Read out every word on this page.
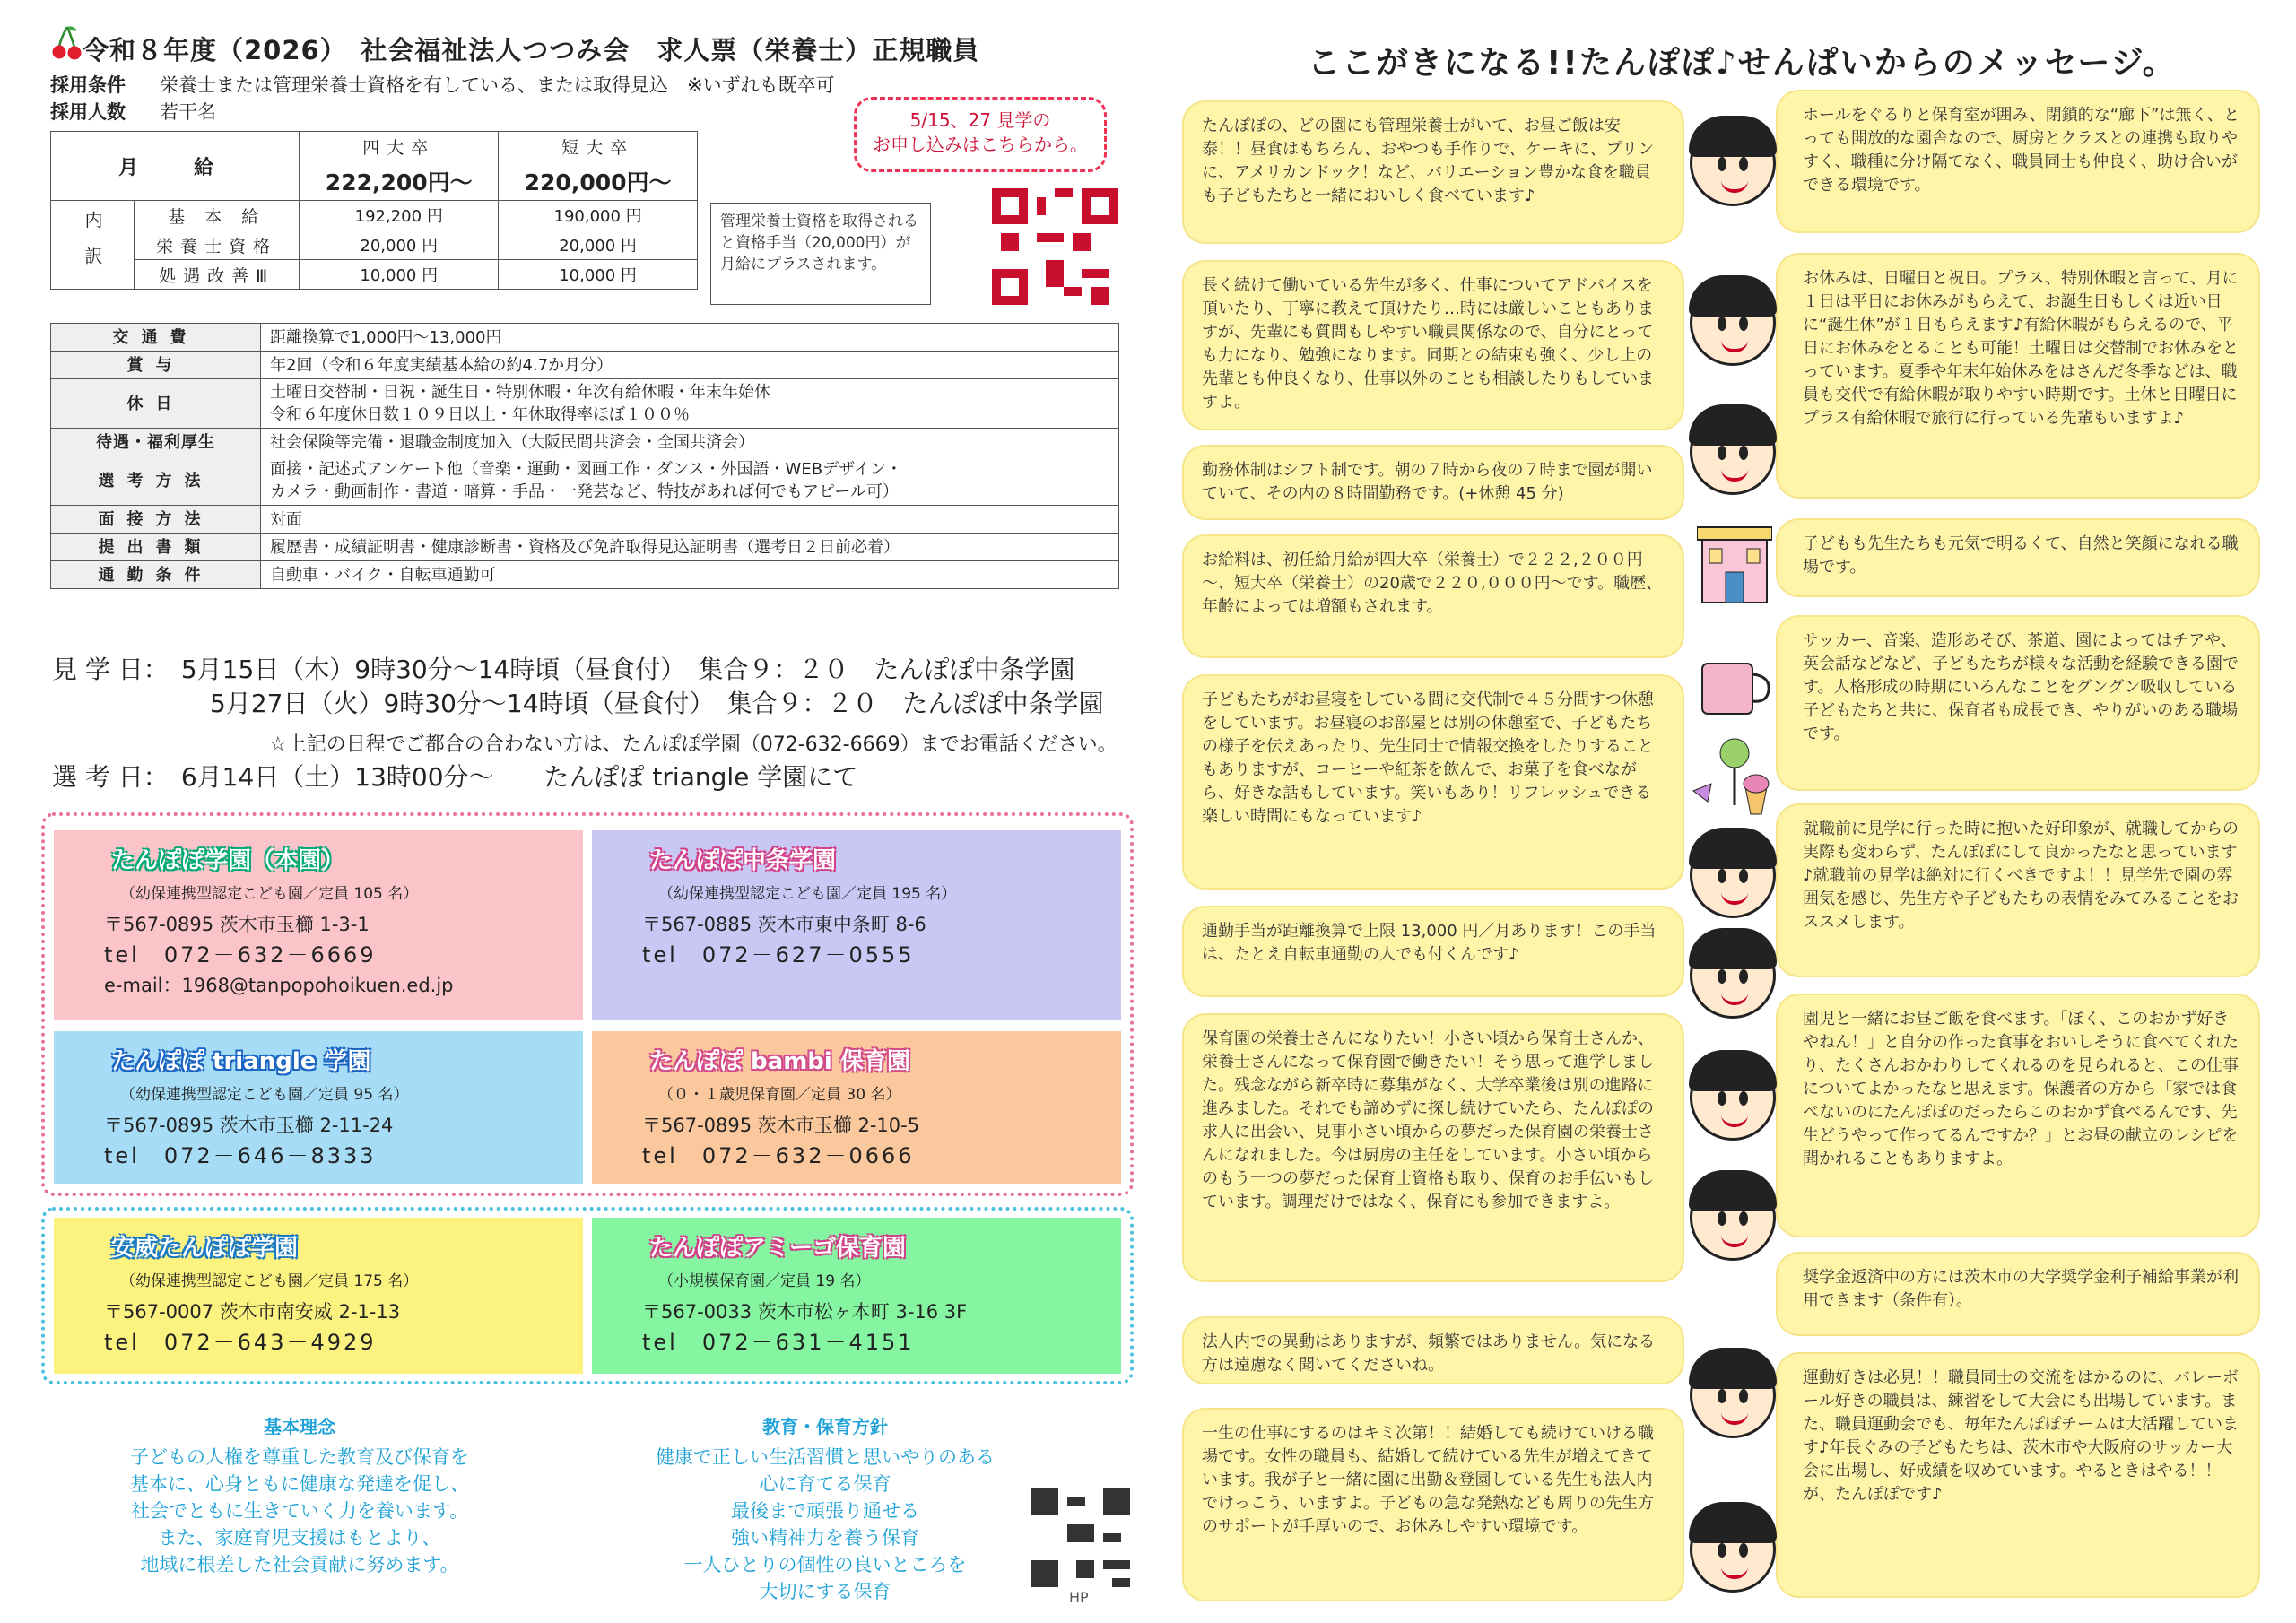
令和８年度（2026）　社会福祉法人つつみ会　求人票（栄養士）正規職員
採用条件 栄養士または管理栄養士資格を有している、または取得見込　※いずれも既卒可
採用人数 若干名
月　給		四大卒	短大卒
		222,200円～	220,000円～
内　訳	基 本 給	192,200 円	190,000 円
	栄養士資格	20,000 円	20,000 円
	処遇改善Ⅲ	10,000 円	10,000 円
管理栄養士資格を取得されると資格手当（20,000円）が月給にプラスされます。
5/15、27 見学の
お申し込みはこちらから。
交通費	距離換算で1,000円～13,000円
賞与	年2回（令和６年度実績基本給の約4.7か月分）
休日	土曜日交替制・日祝・誕生日・特別休暇・年次有給休暇・年末年始休
令和６年度休日数１０９日以上・年休取得率ほぼ１００％

待遇・福利厚生	社会保険等完備・退職金制度加入（大阪民間共済会・全国共済会）
選考方法	面接・記述式アンケート他（音楽・運動・図画工作・ダンス・外国語・WEBデザイン・
カメラ・動画制作・書道・暗算・手品・一発芸など、特技があれば何でもアピール可）

面接方法	対面
提出書類	履歴書・成績証明書・健康診断書・資格及び免許取得見込証明書（選考日２日前必着）
通勤条件	自動車・バイク・自転車通勤可
見 学 日：　 5月15日（木）9時30分～14時頃（昼食付）　集合９：２０　たんぽぽ中条学園
5月27日（火）9時30分～14時頃（昼食付）　集合９：２０　たんぽぽ中条学園
☆上記の日程でご都合の合わない方は、たんぽぽ学園（072-632-6669）までお電話ください。
選 考 日：　 6月14日（土）13時00分～　　たんぽぽ triangle 学園にて
たんぽぽ学園（本園）
（幼保連携型認定こども園／定員 105 名）
〒567-0895 茨木市玉櫛 1-3-1
tel　072－632－6669
e-mail：1968@tanpopohoikuen.ed.jp
たんぽぽ中条学園
（幼保連携型認定こども園／定員 195 名）
〒567-0885 茨木市東中条町 8-6
tel　072－627－0555
たんぽぽ triangle 学園
（幼保連携型認定こども園／定員 95 名）
〒567-0895 茨木市玉櫛 2-11-24
tel　072－646－8333
たんぽぽ bambi 保育園
（０・１歳児保育園／定員 30 名）
〒567-0895 茨木市玉櫛 2-10-5
tel　072－632－0666
安威たんぽぽ学園
（幼保連携型認定こども園／定員 175 名）
〒567-0007 茨木市南安威 2-1-13
tel　072－643－4929
たんぽぽアミーゴ保育園
（小規模保育園／定員 19 名）
〒567-0033 茨木市松ヶ本町 3-16 3F
tel　072－631－4151
基本理念
子どもの人権を尊重した教育及び保育を
基本に、心身ともに健康な発達を促し、
社会でともに生きていく力を養います。
また、家庭育児支援はもとより、
地域に根差した社会貢献に努めます。
教育・保育方針
健康で正しい生活習慣と思いやりのある
心に育てる保育
最後まで頑張り通せる
強い精神力を養う保育
一人ひとりの個性の良いところを
大切にする保育	HP
ここがきになる!!たんぽぽ♪せんぱいからのメッセージ。
たんぽぽの、どの園にも管理栄養士がいて、お昼ご飯は安泰！！昼食はもちろん、おやつも手作りで、ケーキに、プリンに、アメリカンドック！など、バリエーション豊かな食を職員も子どもたちと一緒においしく食べています♪
長く続けて働いている先生が多く、仕事についてアドバイスを頂いたり、丁寧に教えて頂けたり…時には厳しいこともありますが、先輩にも質問もしやすい職員関係なので、自分にとっても力になり、勉強になります。同期との結束も強く、少し上の先輩とも仲良くなり、仕事以外のことも相談したりもしていますよ。
勤務体制はシフト制です。朝の７時から夜の７時まで園が開いていて、その内の８時間勤務です。(+休憩 45 分)
お給料は、初任給月給が四大卒（栄養士）で２２２,２００円～、短大卒（栄養士）の20歳で２２０,０００円～です。職歴、年齢によっては増額もされます。
子どもたちがお昼寝をしている間に交代制で４５分間すつ休憩をしています。お昼寝のお部屋とは別の休憩室で、子どもたちの様子を伝えあったり、先生同士で情報交換をしたりすることもありますが、コーヒーや紅茶を飲んで、お菓子を食べながら、好きな話もしています。笑いもあり！リフレッシュできる楽しい時間にもなっています♪
通勤手当が距離換算で上限 13,000 円／月あります！この手当は、たとえ自転車通勤の人でも付くんです♪
保育園の栄養士さんになりたい！小さい頃から保育士さんか、栄養士さんになって保育園で働きたい！そう思って進学しました。残念ながら新卒時に募集がなく、大学卒業後は別の進路に進みました。それでも諦めずに探し続けていたら、たんぽぽの求人に出会い、見事小さい頃からの夢だった保育園の栄養士さんになれました。今は厨房の主任をしています。小さい頃からのもう一つの夢だった保育士資格も取り、保育のお手伝いもしています。調理だけではなく、保育にも参加できますよ。
法人内での異動はありますが、頻繁ではありません。気になる方は遠慮なく聞いてくださいね。
一生の仕事にするのはキミ次第！！結婚しても続けていける職場です。女性の職員も、結婚して続けている先生が増えてきています。我が子と一緒に園に出勤＆登園している先生も法人内でけっこう、いますよ。子どもの急な発熱なども周りの先生方のサポートが手厚いので、お休みしやすい環境です。
ホールをぐるりと保育室が囲み、閉鎖的な“廊下”は無く、とっても開放的な園舎なので、厨房とクラスとの連携も取りやすく、職種に分け隔てなく、職員同士も仲良く、助け合いができる環境です。
お休みは、日曜日と祝日。プラス、特別休暇と言って、月に１日は平日にお休みがもらえて、お誕生日もしくは近い日に“誕生休”が１日もらえます♪有給休暇がもらえるので、平日にお休みをとることも可能！土曜日は交替制でお休みをとっています。夏季や年末年始休みをはさんだ冬季などは、職員も交代で有給休暇が取りやすい時期です。土休と日曜日にプラス有給休暇で旅行に行っている先輩もいますよ♪
子どもも先生たちも元気で明るくて、自然と笑顔になれる職場です。
サッカー、音楽、造形あそび、茶道、園によってはチアや、英会話などなど、子どもたちが様々な活動を経験できる園です。人格形成の時期にいろんなことをグングン吸収している子どもたちと共に、保育者も成長でき、やりがいのある職場です。
就職前に見学に行った時に抱いた好印象が、就職してからの実際も変わらず、たんぽぽにして良かったなと思っています♪就職前の見学は絶対に行くべきですよ！！見学先で園の雰囲気を感じ、先生方や子どもたちの表情をみてみることをおススメします。
園児と一緒にお昼ご飯を食べます。「ぼく、このおかず好きやねん！」と自分の作った食事をおいしそうに食べてくれたり、たくさんおかわりしてくれるのを見られると、この仕事についてよかったなと思えます。保護者の方から「家では食べないのにたんぽぽのだったらこのおかず食べるんです、先生どうやって作ってるんですか？」とお昼の献立のレシピを聞かれることもありますよ。
奨学金返済中の方には茨木市の大学奨学金利子補給事業が利用できます（条件有）。
運動好きは必見！！職員同士の交流をはかるのに、バレーボール好きの職員は、練習をして大会にも出場しています。また、職員運動会でも、毎年たんぽぽチームは大活躍しています♪年長ぐみの子どもたちは、茨木市や大阪府のサッカー大会に出場し、好成績を収めています。やるときはやる！！が、たんぽぽです♪
